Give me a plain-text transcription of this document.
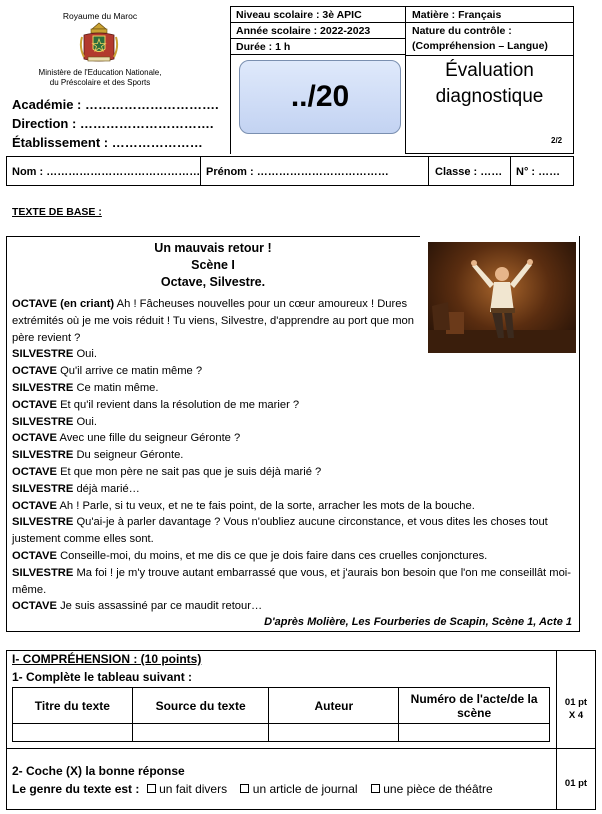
Royaume du Maroc
Ministère de l'Education Nationale,
du Préscolaire et des Sports
Académie : ………………………….
Direction : ………………………….
Établissement : …………………
Niveau scolaire : 3è APIC
Année scolaire : 2022-2023
Durée : 1 h
../20
Matière : Français
Nature du contrôle :
(Compréhension – Langue)
Évaluation
diagnostique
2/2
Nom : …………………………………… Prénom : ………………………………	Classe : …… N° : ……
TEXTE DE BASE :
Un mauvais retour !
Scène I
Octave, Silvestre.

OCTAVE (en criant) Ah ! Fâcheuses nouvelles pour un cœur amoureux ! Dures extrémités où je me vois réduit ! Tu viens, Silvestre, d'apprendre au port que mon père revient ?

SILVESTRE Oui.

OCTAVE Qu'il arrive ce matin même ?

SILVESTRE Ce matin même.

OCTAVE Et qu'il revient dans la résolution de me marier ?

SILVESTRE Oui.

OCTAVE Avec une fille du seigneur Géronte ?

SILVESTRE Du seigneur Géronte.

OCTAVE Et que mon père ne sait pas que je suis déjà marié ?

SILVESTRE déjà marié…

OCTAVE Ah ! Parle, si tu veux, et ne te fais point, de la sorte, arracher les mots de la bouche.

SILVESTRE Qu'ai-je à parler davantage ? Vous n'oubliez aucune circonstance, et vous dites les choses tout justement comme elles sont.

OCTAVE Conseille-moi, du moins, et me dis ce que je dois faire dans ces cruelles conjonctures.

SILVESTRE Ma foi ! je m'y trouve autant embarrassé que vous, et j'aurais bon besoin que l'on me conseillât moi-même.

OCTAVE Je suis assassiné par ce maudit retour…

D'après Molière, Les Fourberies de Scapin, Scène 1, Acte 1
I- COMPRÉHENSION : (10 points)
1- Complète le tableau suivant :
Titre du texte	Source du texte	Auteur	Numéro de l'acte/de la scène

01 pt
X 4
2- Coche (X) la bonne réponse
Le genre du texte est : un fait divers un article de journal une pièce de théâtre	01 pt
